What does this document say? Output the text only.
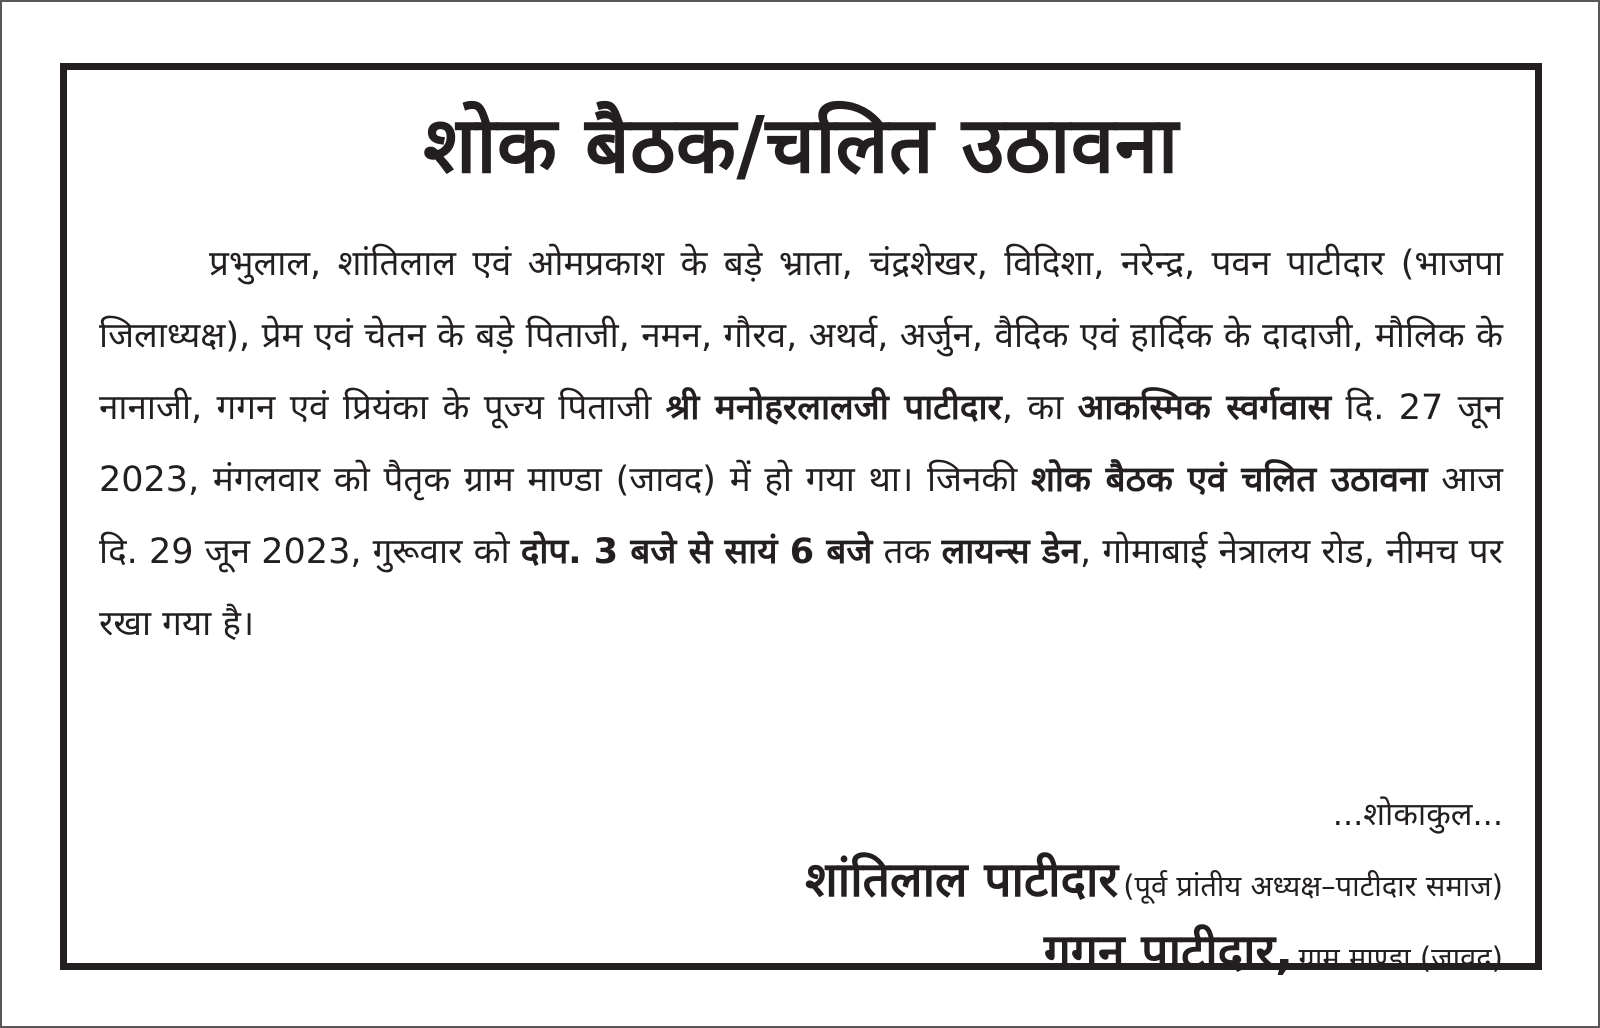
शोक बैठक/चलित उठावना

प्रभुलाल, शांतिलाल एवं ओमप्रकाश के बड़े भ्राता, चंद्रशेखर, विदिशा, नरेन्द्र, पवन पाटीदार (भाजपा जिलाध्यक्ष), प्रेम एवं चेतन के बड़े पिताजी, नमन, गौरव, अथर्व, अर्जुन, वैदिक एवं हार्दिक के दादाजी, मौलिक के नानाजी, गगन एवं प्रियंका के पूज्य पिताजी श्री मनोहरलालजी पाटीदार, का आकस्मिक स्वर्गवास दि. 27 जून 2023, मंगलवार को पैतृक ग्राम माण्डा (जावद) में हो गया था। जिनकी शोक बैठक एवं चलित उठावना आज दि. 29 जून 2023, गुरूवार को दोप. 3 बजे से सायं 6 बजे तक लायन्स डेन, गोमाबाई नेत्रालय रोड, नीमच पर रखा गया है।

...शोकाकुल...

शांतिलाल पाटीदार (पूर्व प्रांतीय अध्यक्ष–पाटीदार समाज)

गगन पाटीदार, ग्राम माण्डा (जावद)
